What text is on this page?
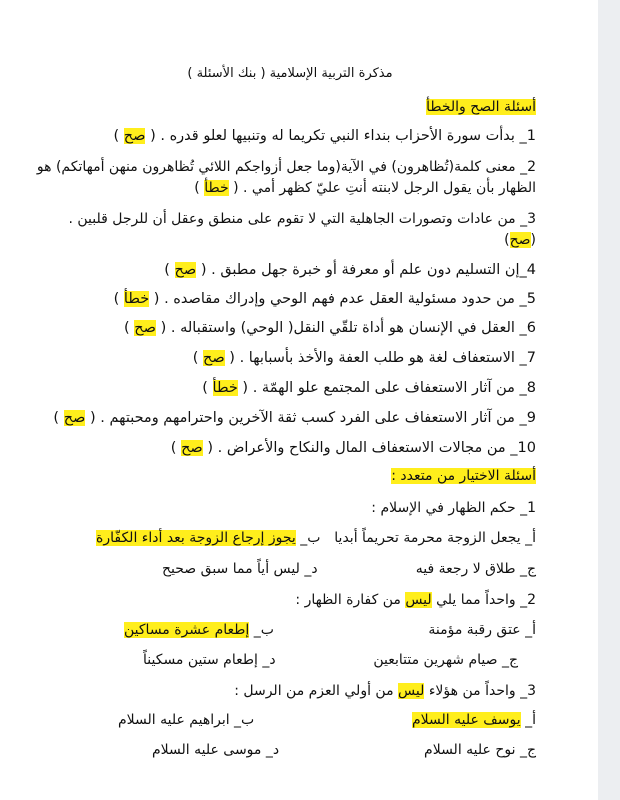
مذكرة التربية الإسلامية ( بنك الأسئلة )
أسئلة الصح والخطأ
1_ بدأت سورة الأحزاب بنداء النبي تكريما له وتنبيها لعلو قدره . ( صح )
2_ معنى كلمة(تُظاهرون) في الآية(وما جعل أزواجكم اللائي تُظاهرون منهن أمهاتكم) هو
الظهار بأن يقول الرجل لابنته أنتِ عليّ كظهر أمي . ( خطأ )
3_ من عادات وتصورات الجاهلية التي لا تقوم على منطق وعقل أن للرجل قلبين .
(صح)
4_إن التسليم دون علم أو معرفة أو خبرة جهل مطبق . ( صح )
5_ من حدود مسئولية العقل عدم فهم الوحي وإدراك مقاصده . ( خطأ )
6_ العقل في الإنسان هو أداة تلقّي النقل( الوحي) واستقباله . ( صح )
7_ الاستعفاف لغة هو طلب العفة والأخذ بأسبابها . ( صح )
8_ من آثار الاستعفاف على المجتمع علو الهمّة . ( خطأ )
9_ من آثار الاستعفاف على الفرد كسب ثقة الآخرين واحترامهم ومحبتهم . ( صح )
10_ من مجالات الاستعفاف المال والنكاح والأعراض . ( صح )
أسئلة الاختيار من متعدد :
1_ حكم الظهار في الإسلام :
أ_ يجعل الزوجة محرمة تحريماً أبديا
ب_ يجوز إرجاع الزوجة بعد أداء الكفّارة
ج_ طلاق لا رجعة فيه
د_ ليس أياً مما سبق صحيح
2_ واحداً مما يلي ليس من كفارة الظهار :
أ_ عتق رقبة مؤمنة
ب_ إطعام عشرة مساكين
ج_ صيام شهرين متتابعين
د_ إطعام ستين مسكيناً
3_ واحداً من هؤلاء ليس من أولي العزم من الرسل :
أ_ يوسف عليه السلام
ب_ ابراهيم عليه السلام
ج_ نوح عليه السلام
د_ موسى عليه السلام
